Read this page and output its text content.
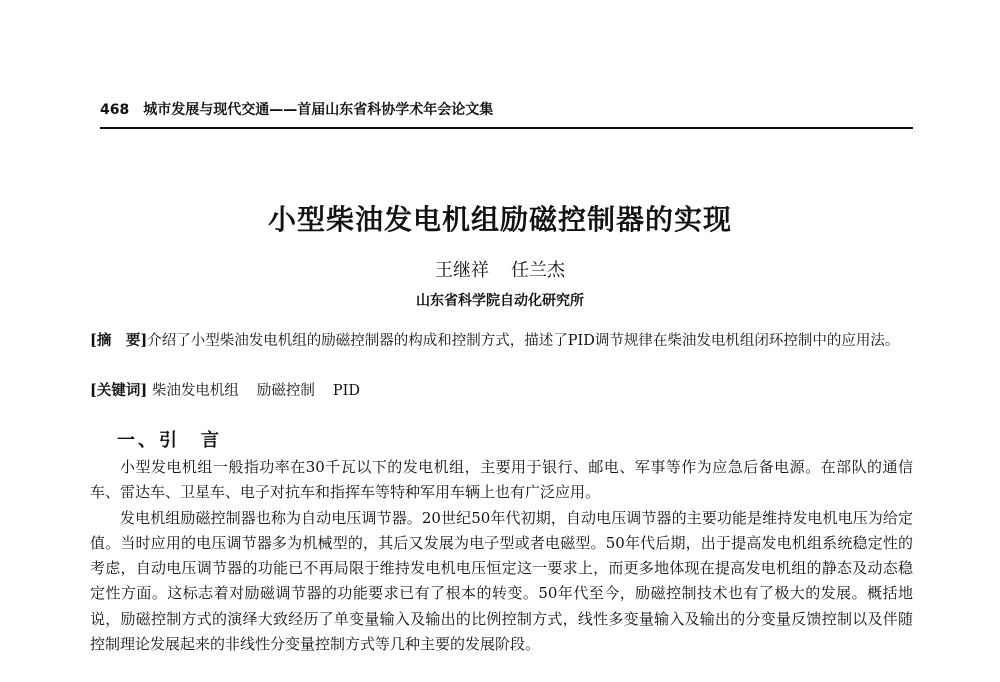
468 城市发展与现代交通——首届山东省科协学术年会论文集
小型柴油发电机组励磁控制器的实现
王继祥 任兰杰
山东省科学院自动化研究所
[摘　要]介绍了小型柴油发电机组的励磁控制器的构成和控制方式，描述了PID调节规律在柴油发电机组闭环控制中的应用法。
[关键词] 柴油发电机组 励磁控制 PID
一、引　言

小型发电机组一般指功率在30千瓦以下的发电机组，主要用于银行、邮电、军事等作为应急后备电源。在部队的通信车、雷达车、卫星车、电子对抗车和指挥车等特种军用车辆上也有广泛应用。

发电机组励磁控制器也称为自动电压调节器。20世纪50年代初期，自动电压调节器的主要功能是维持发电机电压为给定值。当时应用的电压调节器多为机械型的，其后又发展为电子型或者电磁型。50年代后期，出于提高发电机组系统稳定性的考虑，自动电压调节器的功能已不再局限于维持发电机电压恒定这一要求上，而更多地体现在提高发电机组的静态及动态稳定性方面。这标志着对励磁调节器的功能要求已有了根本的转变。50年代至今，励磁控制技术也有了极大的发展。概括地说，励磁控制方式的演绎大致经历了单变量输入及输出的比例控制方式，线性多变量输入及输出的分变量反馈控制以及伴随控制理论发展起来的非线性分变量控制方式等几种主要的发展阶段。
